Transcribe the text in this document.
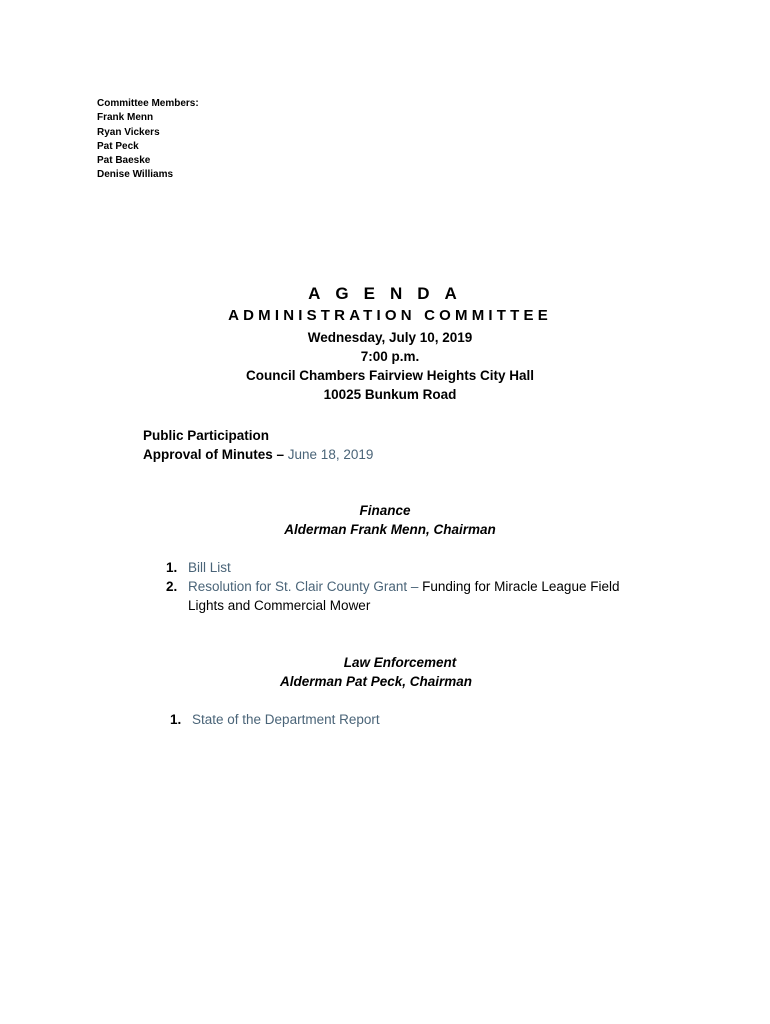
Committee Members:
Frank Menn
Ryan Vickers
Pat Peck
Pat Baeske
Denise Williams
AGENDA
ADMINISTRATION COMMITTEE
Wednesday, July 10, 2019
7:00 p.m.
Council Chambers Fairview Heights City Hall
10025 Bunkum Road
Public Participation
Approval of Minutes – June 18, 2019
Finance
Alderman Frank Menn, Chairman
1. Bill List
2. Resolution for St. Clair County Grant – Funding for Miracle League Field
Lights and Commercial Mower
Law Enforcement
Alderman Pat Peck, Chairman
1. State of the Department Report
